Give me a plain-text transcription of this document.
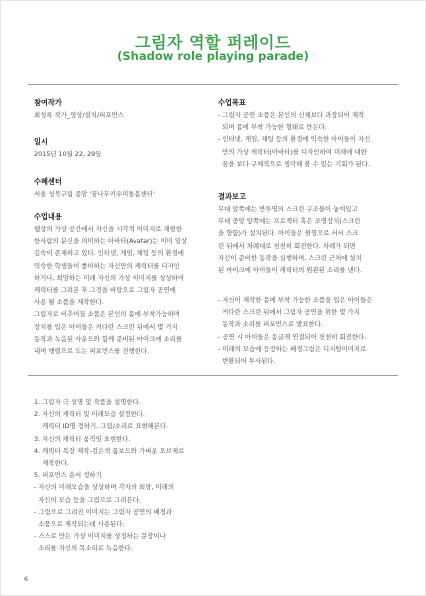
그림자 역할 퍼레이드
(Shadow role playing parade)
참여작가
최성록 작가_영상/설치/퍼포먼스
일시
2015년 10월 22, 29일
수혜센터
서울 성북구립 종암 '꿈나무키우미돌봄센터'
수업내용
웹상의 가상 공간에서 자신을 시각적 이미지로 재현한
한사람의 분신을 의미하는 아바타(Avatar)는 이미 일상
깊숙이 존재하고 있다. 인터넷, 게임, 채팅 등의 환경에
익숙한 학생들이 좋아하는 자신만의 캐릭터를 디자인
하거나, 희망하는 미래 자신의 가상 이미지를 상상하여
캐릭터를 그려본 후 그것을 바탕으로 그림자 공연에
사용 될 소품을 제작한다.
그림자로 비추어질 소품은 본인의 몸에 부착가능하며
장치를 입은 아이들은 커다란 스크린 뒤에서 몇 가지
동작과 녹음된 사운드와 함께 준비된 마이크에 소리를
내며 행렬으로 도는 퍼포먼스를 진행한다.
1. 그림자 극 설명 및 작품을 설명한다.
2. 자신의 캐릭터 및 미래모습 설정한다.
캐릭터 ID명 정하기, 그림/소리로 표현해본다.
3. 자신의 캐릭터 움직임 표현한다.
4. 캐릭터 복장 제작-검은색 폼보드와 가벼운 오브제로
제작한다.
5. 퍼포먼스 순서 정하기
- 자신의 미래모습을 상상하며 각자의 희망, 미래의
자신의 모습 등을 그림으로 그려본다.
- 그림으로 그려진 이미지는 그림자 공연의 배경과
소품으로 제작되는데 사용된다.
- 스스로 만든 가상 이미지를 상징하는 문장이나
소리를 자신의 목소리로 녹음한다.
수업목표
- 그림자 공연 소품은 본인의 신체보다 과장되어 제작
되며 몸에 부착 가능한 형태로 만든다.
- 인터넷, 게임, 채팅 등의 환경에 익숙한 아이들이 자신
만의 가상 캐릭터(아바타)를 디자인하여 미래에 대한
꿈을 보다 구체적으로 생각해 볼 수 있는 기회가 된다.
결과보고
무대 앞쪽에는 반투명의 스크린 구조물이 놓여있고
무대 중앙 앞쪽에는 프로젝터 혹은 조명장치(스크린
을 향함)가 설치된다. 아이들은 원형으로 서서 스크
린 뒤에서 차례대로 천천히 회전한다. 차례가 되면
자신이 준비한 동작을 실행하며, 스크린 근처에 설치
된 마이크에 아이들이 캐릭터의 원관된 소리를 낸다.
- 자신이 제작한 몸에 부착 가능한 소품을 입은 아이들은
커다란 스크린 뒤에서 그림자 공연을 위한 몇 가지
동작과 소리를 퍼포먼스로 발표한다.
- 공연 시 아이들은 동글게 연결되어 천천히 회전한다.
- 미래의 모습에 등장하는 배경그림은 디지털이미지로
변환되어 투사된다.
6
